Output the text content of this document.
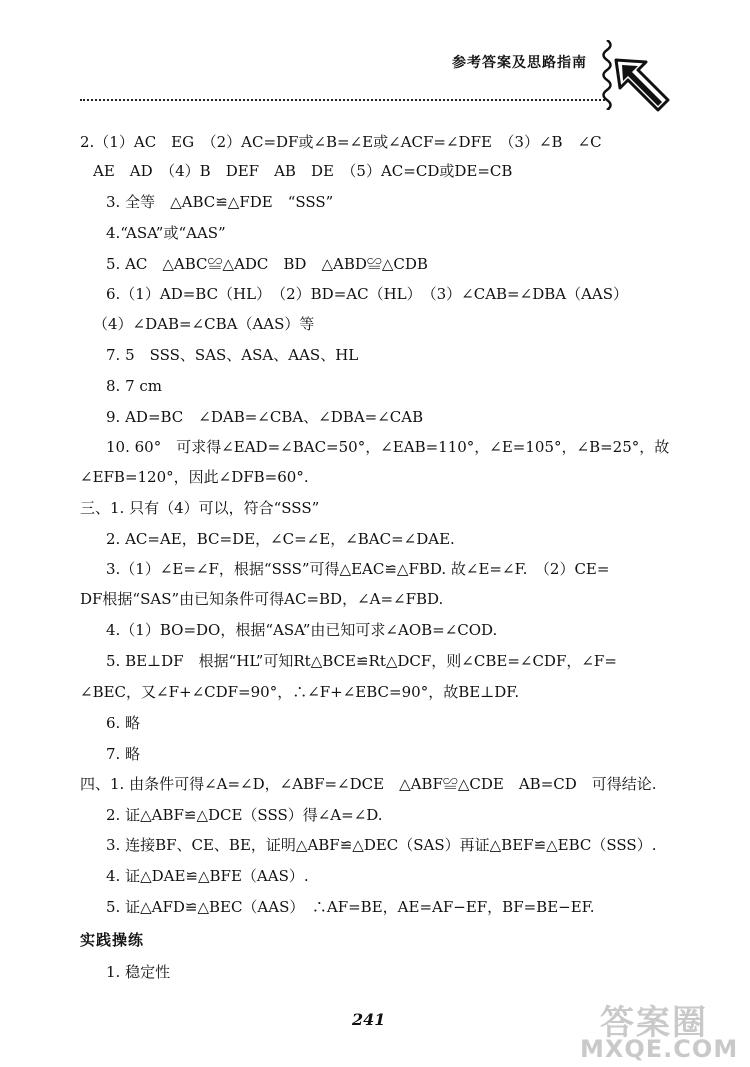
参考答案及思路指南
2.（1）AC　EG　（2）AC=DF或∠B=∠E或∠ACF=∠DFE　（3）∠B　∠C
AE　AD　（4）B　DEF　AB　DE　（5）AC=CD或DE=CB
3. 全等　△ABC≌△FDE　“SSS”
4.“ASA”或“AAS”
5. AC　△ABC≌△ADC　BD　△ABD≌△CDB
6.（1）AD=BC（HL）　（2）BD=AC（HL）　（3）∠CAB=∠DBA（AAS）
（4）∠DAB=∠CBA（AAS）等
7. 5　SSS、SAS、ASA、AAS、HL
8. 7 cm
9. AD=BC　∠DAB=∠CBA、∠DBA=∠CAB
10. 60°　可求得∠EAD=∠BAC=50°，∠EAB=110°，∠E=105°，∠B=25°，故
∠EFB=120°，因此∠DFB=60°.
三、1. 只有（4）可以，符合“SSS”
2. AC=AE，BC=DE，∠C=∠E，∠BAC=∠DAE.
3.（1）∠E=∠F，根据“SSS”可得△EAC≌△FBD. 故∠E=∠F.　（2）CE=
DF根据“SAS”由已知条件可得AC=BD，∠A=∠FBD.
4.（1）BO=DO，根据“ASA”由已知可求∠AOB=∠COD.
5. BE⊥DF　根据“HL”可知Rt△BCE≌Rt△DCF，则∠CBE=∠CDF，∠F=
∠BEC，又∠F+∠CDF=90°，∴∠F+∠EBC=90°，故BE⊥DF.
6. 略
7. 略
四、1. 由条件可得∠A=∠D，∠ABF=∠DCE　△ABF≌△CDE　AB=CD　可得结论.
2. 证△ABF≌△DCE（SSS）得∠A=∠D.
3. 连接BF、CE、BE，证明△ABF≌△DEC（SAS）再证△BEF≌△EBC（SSS）.
4. 证△DAE≌△BFE（AAS）.
5. 证△AFD≌△BEC（AAS）　∴AF=BE，AE=AF−EF，BF=BE−EF.
1. 稳定性
实践操练
241	答案圈
MXQE.COM
